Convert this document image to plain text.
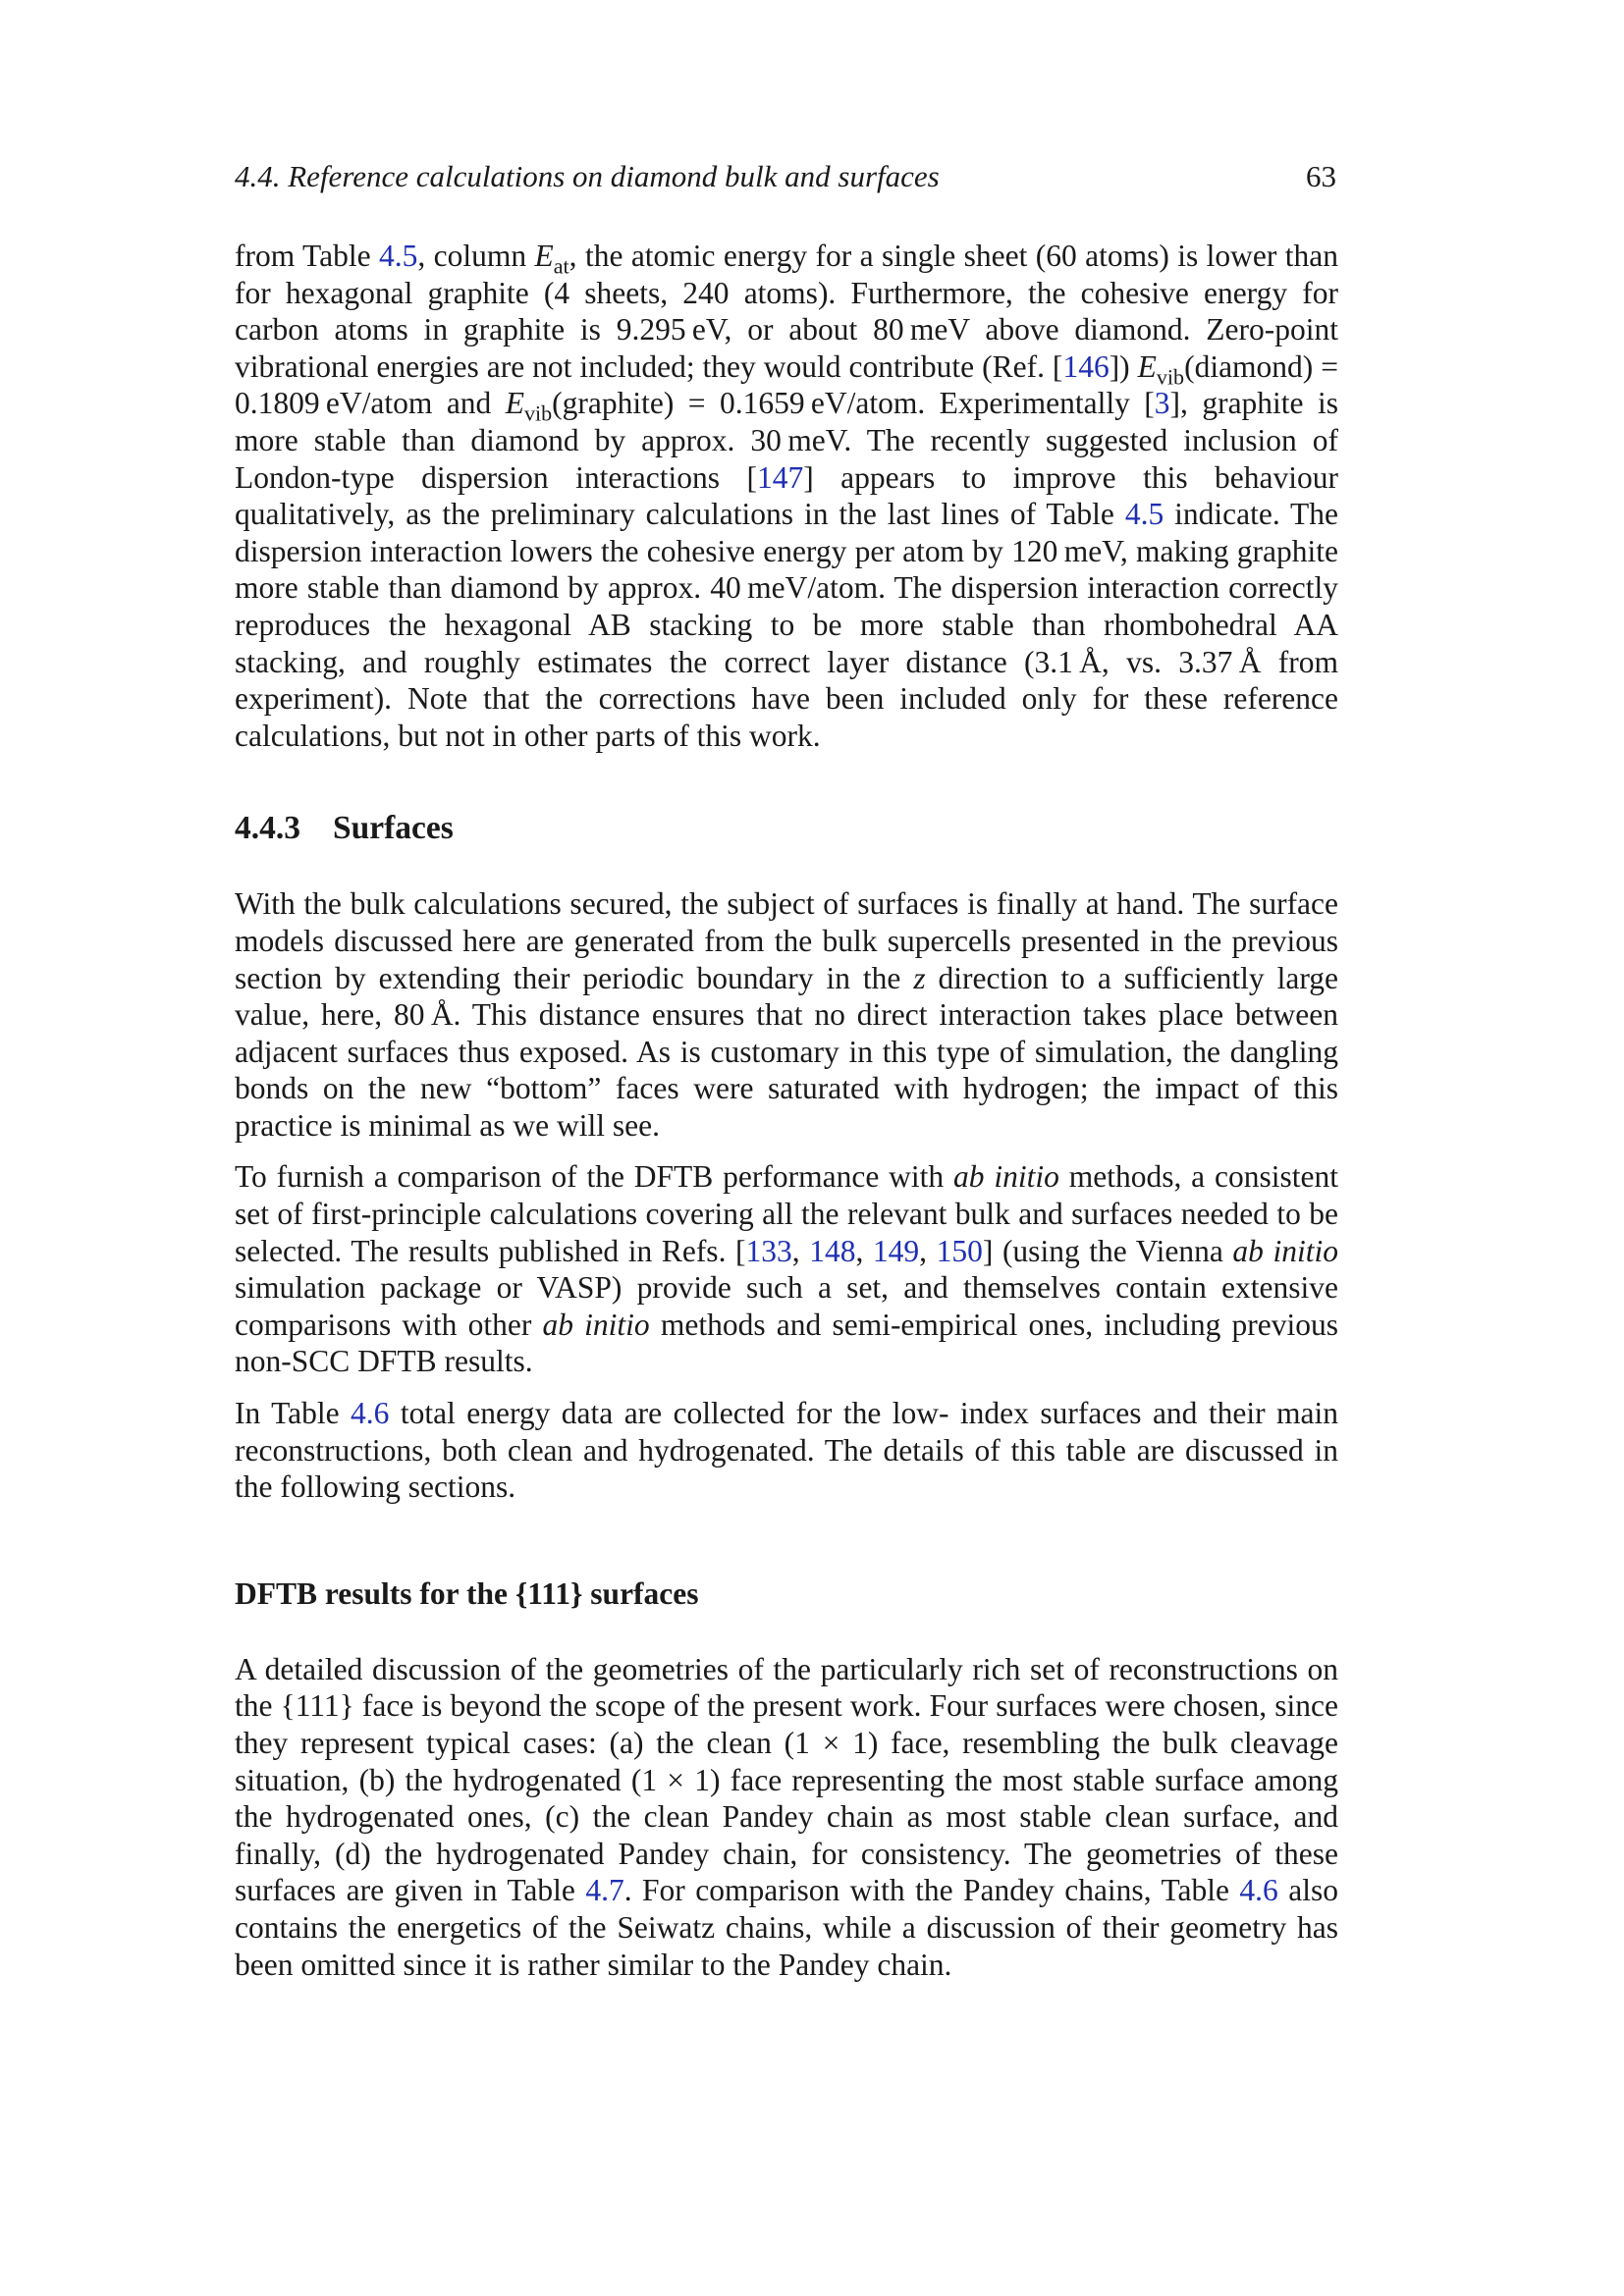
4.4. Reference calculations on diamond bulk and surfaces	63

from Table 4.5, column $E_{at}$, the atomic energy for a single sheet (60 atoms) is lower than for hexagonal graphite (4 sheets, 240 atoms). Furthermore, the cohesive energy for carbon atoms in graphite is 9.295 eV, or about 80 meV above diamond. Zero-point vibrational energies are not included; they would contribute (Ref. [146]) $E_{vib}(diamond) = 0.1809$ eV/atom and $E_{vib}(graphite) = 0.1659$ eV/atom. Experimentally [3], graphite is more stable than diamond by approx. 30 meV. The recently suggested inclusion of London-type dispersion interactions [147] appears to improve this behaviour qualitatively, as the preliminary calculations in the last lines of Table 4.5 indicate. The dispersion interaction lowers the cohesive energy per atom by 120 meV, making graphite more stable than diamond by approx. 40 meV/atom. The dispersion interaction correctly reproduces the hexagonal AB stacking to be more stable than rhombohedral AA stacking, and roughly estimates the correct layer distance (3.1 Å, vs. 3.37 Å from experiment). Note that the corrections have been included only for these reference calculations, but not in other parts of this work.

4.4.3 Surfaces

With the bulk calculations secured, the subject of surfaces is finally at hand. The surface models discussed here are generated from the bulk supercells presented in the previous section by extending their periodic boundary in the z direction to a sufficiently large value, here, 80 Å. This distance ensures that no direct interaction takes place between adjacent surfaces thus exposed. As is customary in this type of simulation, the dangling bonds on the new “bottom” faces were saturated with hydrogen; the impact of this practice is minimal as we will see.

To furnish a comparison of the DFTB performance with ab initio methods, a consistent set of first-principle calculations covering all the relevant bulk and surfaces needed to be selected. The results published in Refs. [133, 148, 149, 150] (using the Vienna ab initio simulation package or VASP) provide such a set, and themselves contain extensive comparisons with other ab initio methods and semi-empirical ones, including previous non-SCC DFTB results.

In Table 4.6 total energy data are collected for the low- index surfaces and their main reconstructions, both clean and hydrogenated. The details of this table are discussed in the following sections.

DFTB results for the {111} surfaces

A detailed discussion of the geometries of the particularly rich set of reconstructions on the {111} face is beyond the scope of the present work. Four surfaces were chosen, since they represent typical cases: (a) the clean (1 × 1) face, resembling the bulk cleavage situation, (b) the hydrogenated (1 × 1) face representing the most stable surface among the hydrogenated ones, (c) the clean Pandey chain as most stable clean surface, and finally, (d) the hydrogenated Pandey chain, for consistency. The geometries of these surfaces are given in Table 4.7. For comparison with the Pandey chains, Table 4.6 also contains the energetics of the Seiwatz chains, while a discussion of their geometry has been omitted since it is rather similar to the Pandey chain.
